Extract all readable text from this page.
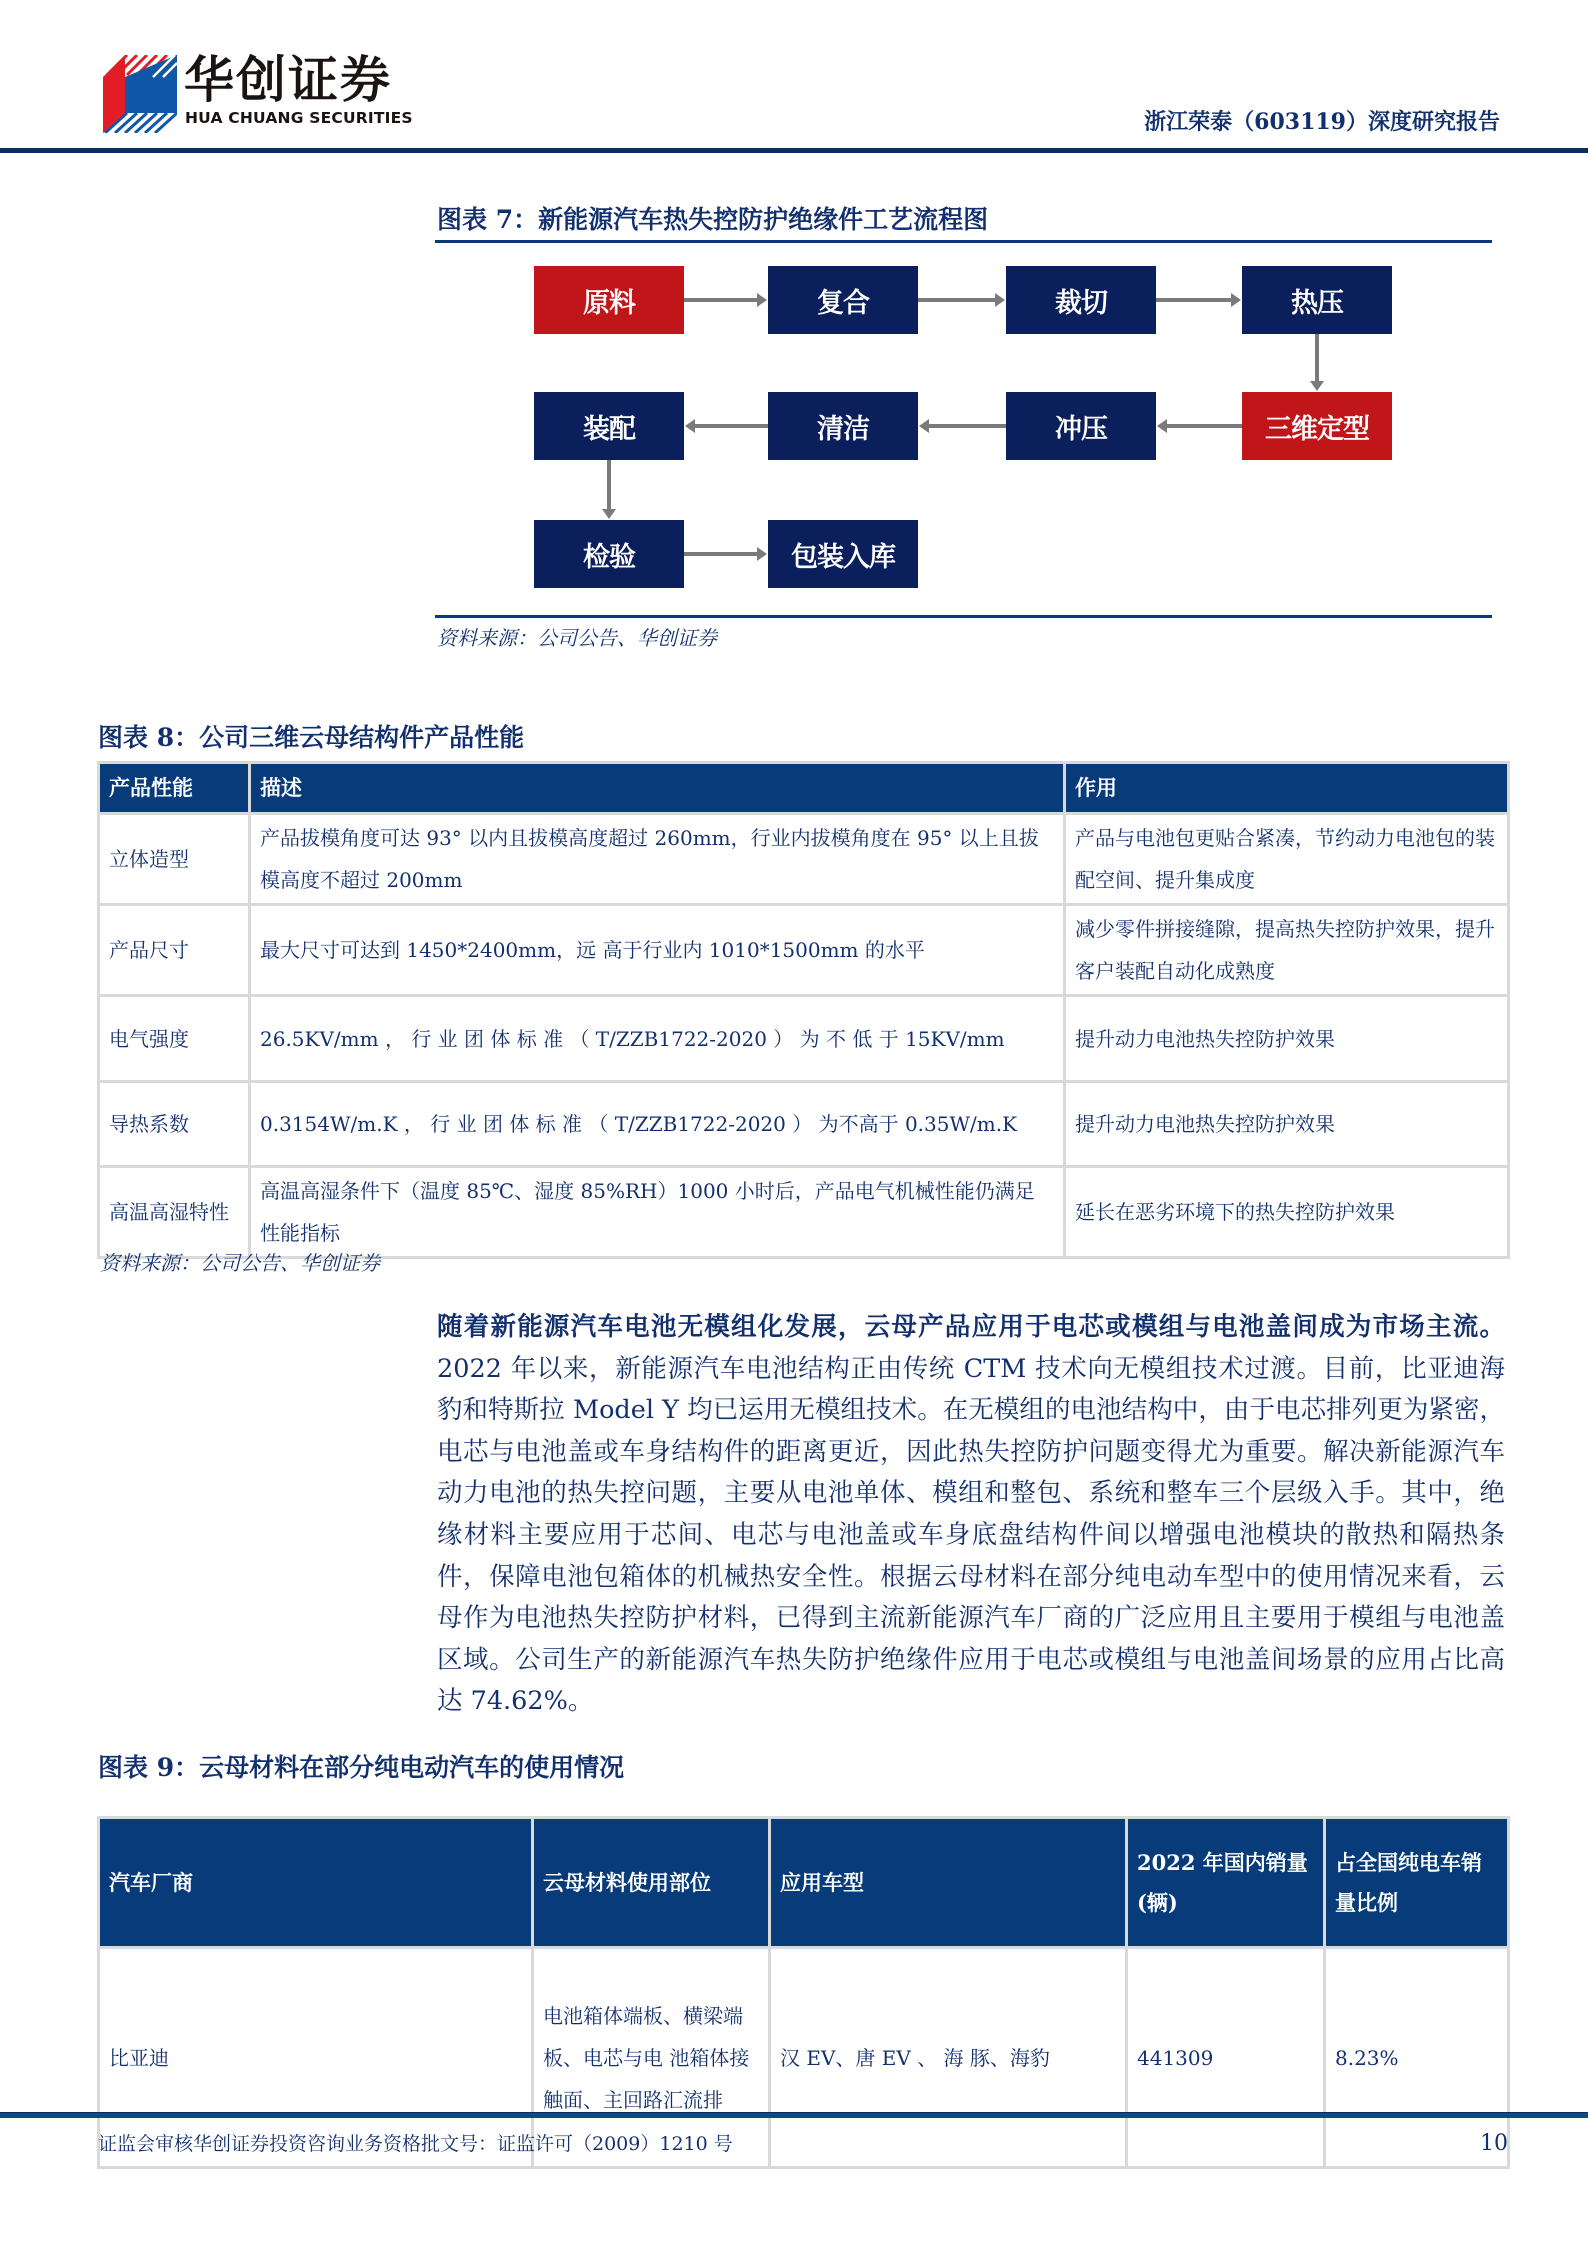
华创证券
HUA CHUANG SECURITIES	浙江荣泰（603119）深度研究报告
图表 7：新能源汽车热失控防护绝缘件工艺流程图
原料	复合	裁切	热压
三维定型
冲压
清洁
装配
检验	包装入库
资料来源：公司公告、华创证券
图表 8：公司三维云母结构件产品性能
产品性能	描述	作用
立体造型	产品拔模角度可达 93° 以内且拔模高度超过 260mm，行业内拔模角度在 95° 以上且拔模高度不超过 200mm	产品与电池包更贴合紧凑，节约动力电池包的装配空间、提升集成度
产品尺寸	最大尺寸可达到 1450*2400mm，远 高于行业内 1010*1500mm 的水平	减少零件拼接缝隙，提高热失控防护效果，提升客户装配自动化成熟度
电气强度	26.5KV/mm ， 行 业 团 体 标 准 （ T/ZZB1722-2020 ） 为 不 低 于 15KV/mm	提升动力电池热失控防护效果
导热系数	0.3154W/m.K ， 行 业 团 体 标 准 （ T/ZZB1722-2020 ） 为不高于 0.35W/m.K	提升动力电池热失控防护效果
高温高湿特性	高温高湿条件下（温度 85℃、湿度 85%RH）1000 小时后，产品电气机械性能仍满足性能指标	延长在恶劣环境下的热失控防护效果
资料来源：公司公告、华创证券
随着新能源汽车电池无模组化发展，云母产品应用于电芯或模组与电池盖间成为市场主流。2022 年以来，新能源汽车电池结构正由传统 CTM 技术向无模组技术过渡。目前，比亚迪海豹和特斯拉 Model Y 均已运用无模组技术。在无模组的电池结构中，由于电芯排列更为紧密，电芯与电池盖或车身结构件的距离更近，因此热失控防护问题变得尤为重要。解决新能源汽车动力电池的热失控问题，主要从电池单体、模组和整包、系统和整车三个层级入手。其中，绝缘材料主要应用于芯间、电芯与电池盖或车身底盘结构件间以增强电池模块的散热和隔热条件，保障电池包箱体的机械热安全性。根据云母材料在部分纯电动车型中的使用情况来看，云母作为电池热失控防护材料，已得到主流新能源汽车厂商的广泛应用且主要用于模组与电池盖区域。公司生产的新能源汽车热失防护绝缘件应用于电芯或模组与电池盖间场景的应用占比高达 74.62%。
图表 9：云母材料在部分纯电动汽车的使用情况
汽车厂商	云母材料使用部位	应用车型	2022 年国内销量(辆)	占全国纯电车销量比例
比亚迪	电池箱体端板、横梁端板、电芯与电 池箱体接触面、主回路汇流排	汉 EV、唐 EV 、 海 豚、海豹	441309	8.23%
证监会审核华创证券投资咨询业务资格批文号：证监许可（2009）1210 号	10
